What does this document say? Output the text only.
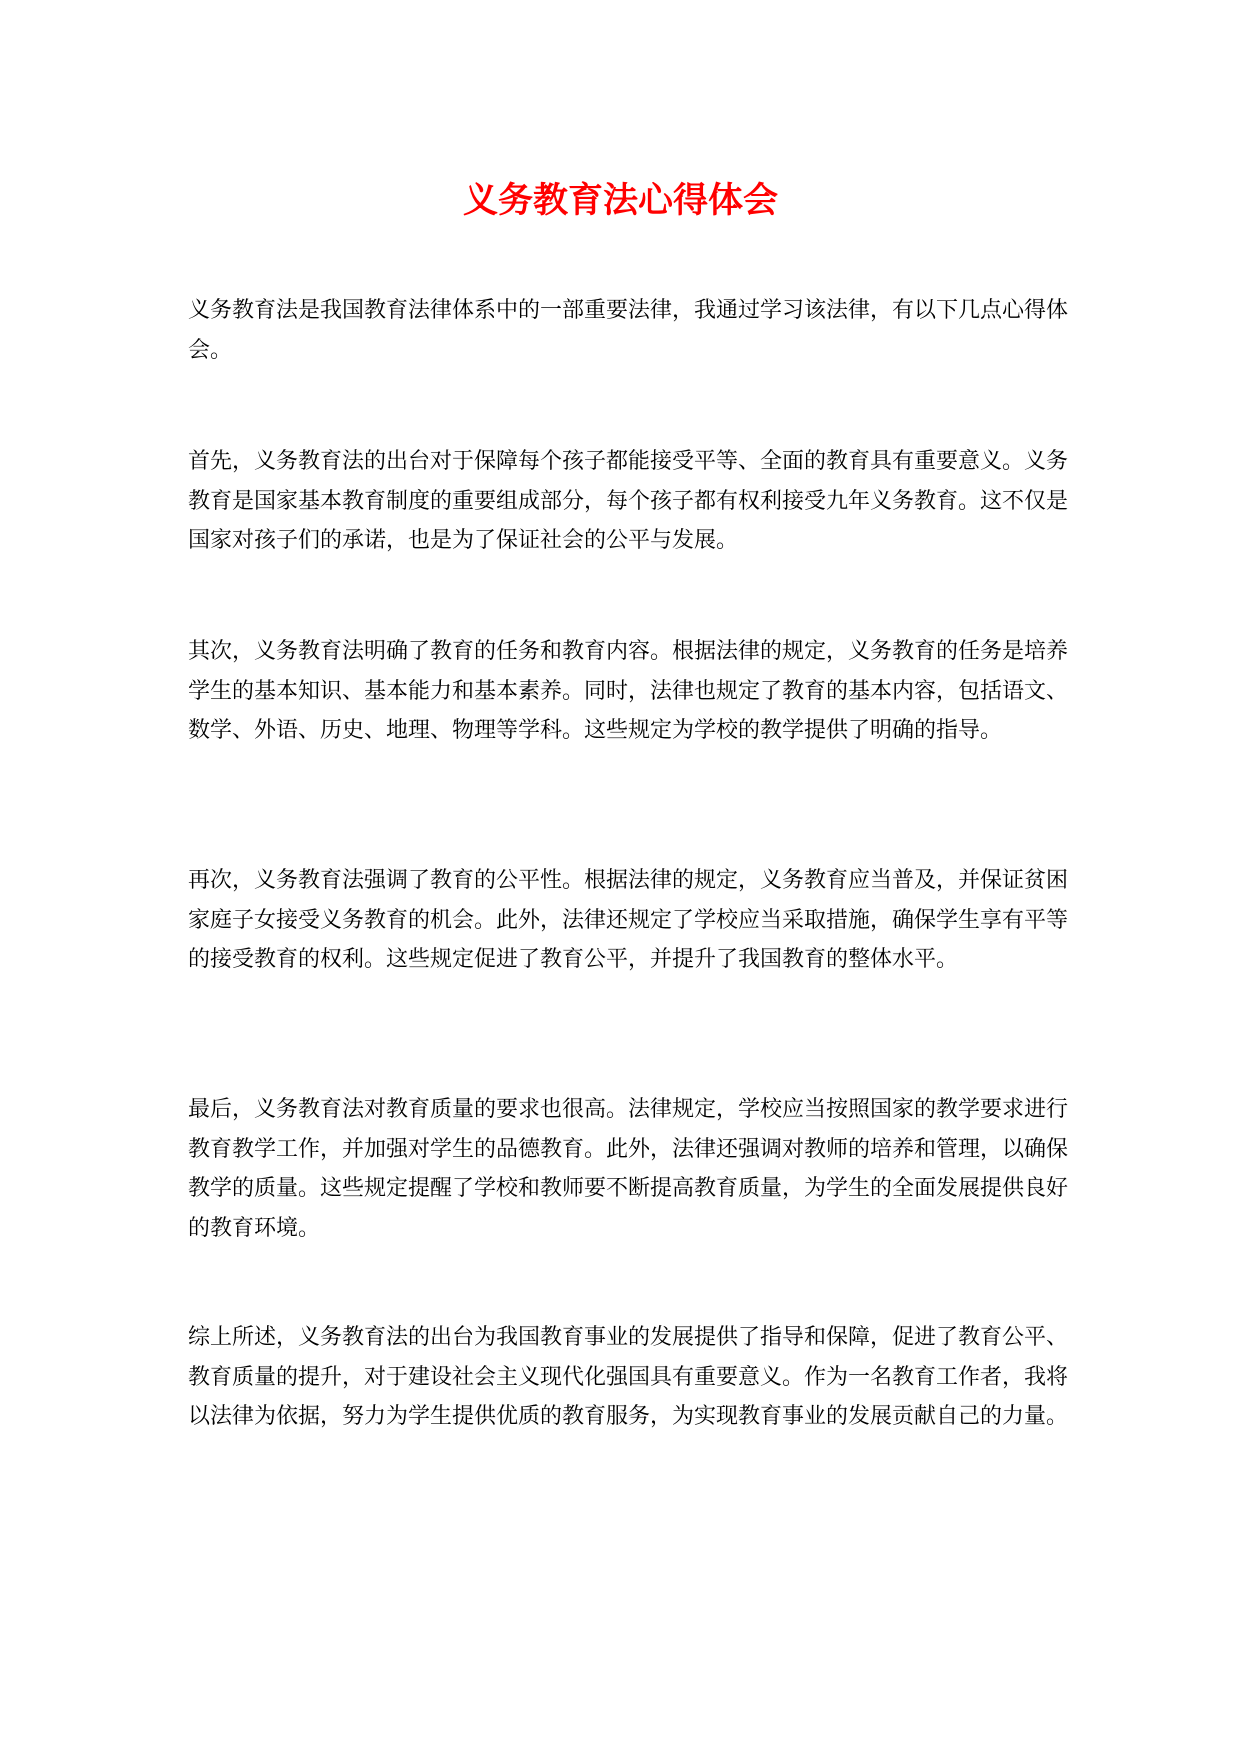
义务教育法心得体会

义务教育法是我国教育法律体系中的一部重要法律，我通过学习该法律，有以下几点心得体会。

首先，义务教育法的出台对于保障每个孩子都能接受平等、全面的教育具有重要意义。义务教育是国家基本教育制度的重要组成部分，每个孩子都有权利接受九年义务教育。这不仅是国家对孩子们的承诺，也是为了保证社会的公平与发展。

其次，义务教育法明确了教育的任务和教育内容。根据法律的规定，义务教育的任务是培养学生的基本知识、基本能力和基本素养。同时，法律也规定了教育的基本内容，包括语文、数学、外语、历史、地理、物理等学科。这些规定为学校的教学提供了明确的指导。

再次，义务教育法强调了教育的公平性。根据法律的规定，义务教育应当普及，并保证贫困家庭子女接受义务教育的机会。此外，法律还规定了学校应当采取措施，确保学生享有平等的接受教育的权利。这些规定促进了教育公平，并提升了我国教育的整体水平。

最后，义务教育法对教育质量的要求也很高。法律规定，学校应当按照国家的教学要求进行教育教学工作，并加强对学生的品德教育。此外，法律还强调对教师的培养和管理，以确保教学的质量。这些规定提醒了学校和教师要不断提高教育质量，为学生的全面发展提供良好的教育环境。

综上所述，义务教育法的出台为我国教育事业的发展提供了指导和保障，促进了教育公平、教育质量的提升，对于建设社会主义现代化强国具有重要意义。作为一名教育工作者，我将以法律为依据，努力为学生提供优质的教育服务，为实现教育事业的发展贡献自己的力量。
